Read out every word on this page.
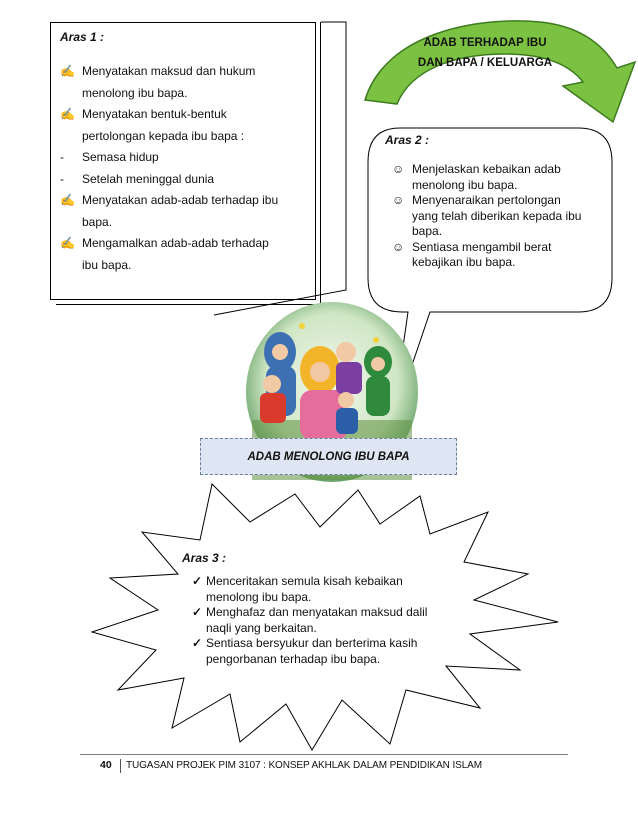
Aras 1 :
✍ Menyatakan maksud dan hukum
menolong ibu bapa.
✍ Menyatakan bentuk-bentuk
pertolongan kepada ibu bapa :
- Semasa hidup
- Setelah meninggal dunia
✍ Menyatakan adab-adab terhadap ibu
bapa.
✍ Mengamalkan adab-adab terhadap
ibu bapa.
ADAB TERHADAP IBU
DAN BAPA / KELUARGA
Aras 2 :
☺ Menjelaskan kebaikan adab
menolong ibu bapa.
☺ Menyenaraikan pertolongan
yang telah diberikan kepada ibu
bapa.
☺ Sentiasa mengambil berat
kebajikan ibu bapa.
ADAB MENOLONG IBU BAPA
Aras 3 :
✓ Menceritakan semula kisah kebaikan
menolong ibu bapa.
✓ Menghafaz dan menyatakan maksud dalil
naqli yang berkaitan.
✓ Sentiasa bersyukur dan berterima kasih
pengorbanan terhadap ibu bapa.
40 TUGASAN PROJEK PIM 3107 : KONSEP AKHLAK DALAM PENDIDIKAN ISLAM
